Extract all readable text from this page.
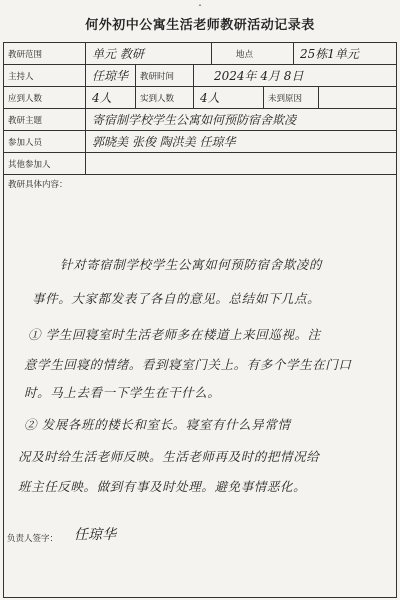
ˇ
何外初中公寓生活老师教研活动记录表
教研范围	单元 教研	地点	25栋1单元
主持人	任琼华	教研时间	2024年 4月 8日
应到人数	4人	实到人数	4人	未到原因
教研主题	寄宿制学校学生公寓如何预防宿舍欺凌
参加人员	郭晓美 张俊 陶洪美 任琼华
其他参加人
教研具体内容：
针对寄宿制学校学生公寓如何预防宿舍欺凌的
事件。大家都发表了各自的意见。总结如下几点。
① 学生回寝室时生活老师多在楼道上来回巡视。注
意学生回寝的情绪。看到寝室门关上。有多个学生在门口
时。马上去看一下学生在干什么。
② 发展各班的楼长和室长。寝室有什么异常情
况及时给生活老师反映。生活老师再及时的把情况给
班主任反映。做到有事及时处理。避免事情恶化。
负责人签字： 任琼华
